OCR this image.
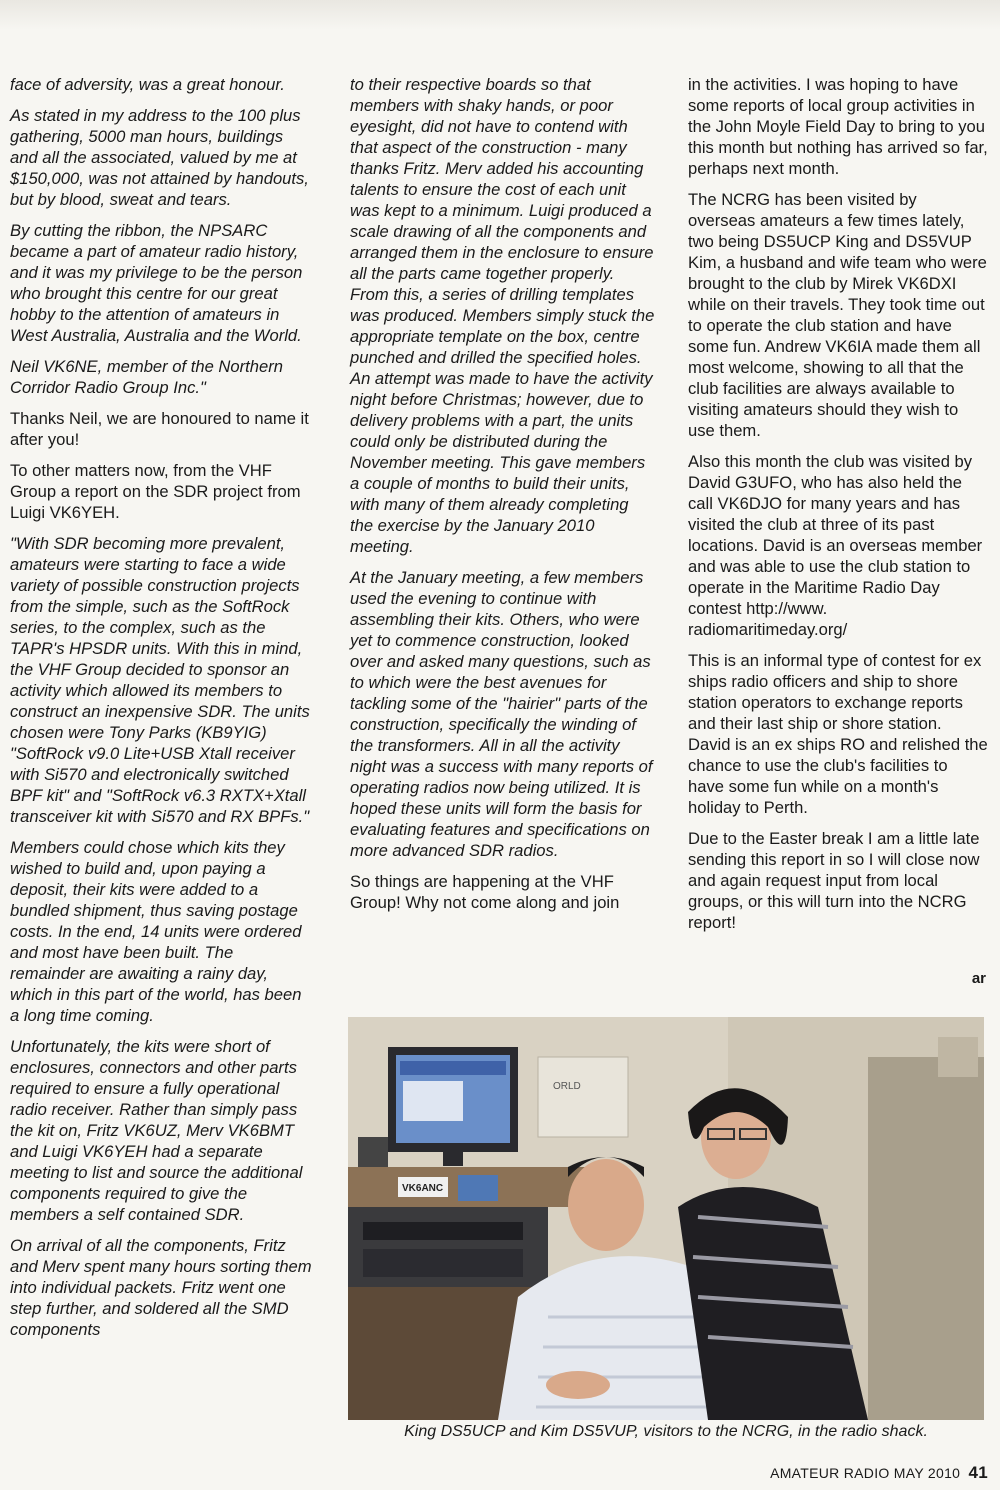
face of adversity, was a great honour.

As stated in my address to the 100 plus gathering, 5000 man hours, buildings and all the associated, valued by me at $150,000, was not attained by handouts, but by blood, sweat and tears.

By cutting the ribbon, the NPSARC became a part of amateur radio history, and it was my privilege to be the person who brought this centre for our great hobby to the attention of amateurs in West Australia, Australia and the World.

Neil VK6NE, member of the Northern Corridor Radio Group Inc."

Thanks Neil, we are honoured to name it after you!

To other matters now, from the VHF Group a report on the SDR project from Luigi VK6YEH.

"With SDR becoming more prevalent, amateurs were starting to face a wide variety of possible construction projects from the simple, such as the SoftRock series, to the complex, such as the TAPR's HPSDR units. With this in mind, the VHF Group decided to sponsor an activity which allowed its members to construct an inexpensive SDR. The units chosen were Tony Parks (KB9YIG) "SoftRock v9.0 Lite+USB Xtall receiver with Si570 and electronically switched BPF kit" and "SoftRock v6.3 RXTX+Xtall transceiver kit with Si570 and RX BPFs."

Members could chose which kits they wished to build and, upon paying a deposit, their kits were added to a bundled shipment, thus saving postage costs. In the end, 14 units were ordered and most have been built. The remainder are awaiting a rainy day, which in this part of the world, has been a long time coming.

Unfortunately, the kits were short of enclosures, connectors and other parts required to ensure a fully operational radio receiver. Rather than simply pass the kit on, Fritz VK6UZ, Merv VK6BMT and Luigi VK6YEH had a separate meeting to list and source the additional components required to give the members a self contained SDR.

On arrival of all the components, Fritz and Merv spent many hours sorting them into individual packets. Fritz went one step further, and soldered all the SMD components

to their respective boards so that members with shaky hands, or poor eyesight, did not have to contend with that aspect of the construction - many thanks Fritz. Merv added his accounting talents to ensure the cost of each unit was kept to a minimum. Luigi produced a scale drawing of all the components and arranged them in the enclosure to ensure all the parts came together properly. From this, a series of drilling templates was produced. Members simply stuck the appropriate template on the box, centre punched and drilled the specified holes. An attempt was made to have the activity night before Christmas; however, due to delivery problems with a part, the units could only be distributed during the November meeting. This gave members a couple of months to build their units, with many of them already completing the exercise by the January 2010 meeting.

At the January meeting, a few members used the evening to continue with assembling their kits. Others, who were yet to commence construction, looked over and asked many questions, such as to which were the best avenues for tackling some of the "hairier" parts of the construction, specifically the winding of the transformers. All in all the activity night was a success with many reports of operating radios now being utilized. It is hoped these units will form the basis for evaluating features and specifications on more advanced SDR radios.

So things are happening at the VHF Group! Why not come along and join

in the activities. I was hoping to have some reports of local group activities in the John Moyle Field Day to bring to you this month but nothing has arrived so far, perhaps next month.

The NCRG has been visited by overseas amateurs a few times lately, two being DS5UCP King and DS5VUP Kim, a husband and wife team who were brought to the club by Mirek VK6DXI while on their travels. They took time out to operate the club station and have some fun. Andrew VK6IA made them all most welcome, showing to all that the club facilities are always available to visiting amateurs should they wish to use them.

Also this month the club was visited by David G3UFO, who has also held the call VK6DJO for many years and has visited the club at three of its past locations. David is an overseas member and was able to use the club station to operate in the Maritime Radio Day contest http://www. radiomaritimeday.org/

This is an informal type of contest for ex ships radio officers and ship to shore station operators to exchange reports and their last ship or shore station. David is an ex ships RO and relished the chance to use the club's facilities to have some fun while on a month's holiday to Perth.

Due to the Easter break I am a little late sending this report in so I will close now and again request input from local groups, or this will turn into the NCRG report!

ar
ORLD
VK6ANC
King DS5UCP and Kim DS5VUP, visitors to the NCRG, in the radio shack.
AMATEUR RADIO MAY 2010 41
